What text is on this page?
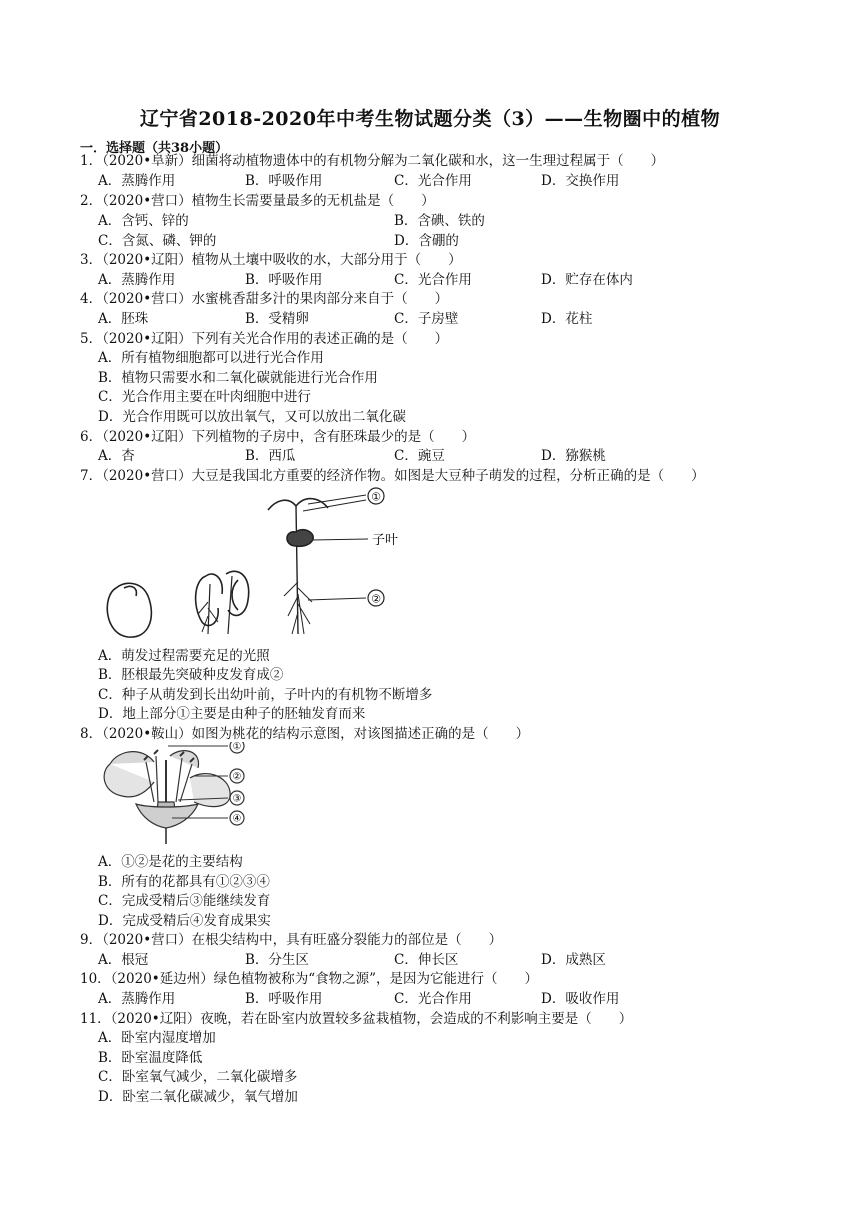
辽宁省2018-2020年中考生物试题分类（3）——生物圈中的植物
一．选择题（共38小题）
1．（2020•阜新）细菌将动植物遗体中的有机物分解为二氧化碳和水，这一生理过程属于（　　）
A．蒸腾作用	B．呼吸作用	C．光合作用	D．交换作用
2．（2020•营口）植物生长需要量最多的无机盐是（　　）
A．含钙、锌的	B．含碘、铁的
C．含氮、磷、钾的	D．含硼的
3．（2020•辽阳）植物从土壤中吸收的水，大部分用于（　　）
A．蒸腾作用	B．呼吸作用	C．光合作用	D．贮存在体内
4．（2020•营口）水蜜桃香甜多汁的果肉部分来自于（　　）
A．胚珠	B．受精卵	C．子房壁	D．花柱
5．（2020•辽阳）下列有关光合作用的表述正确的是（　　）
A．所有植物细胞都可以进行光合作用
B．植物只需要水和二氧化碳就能进行光合作用
C．光合作用主要在叶肉细胞中进行
D．光合作用既可以放出氧气，又可以放出二氧化碳
6．（2020•辽阳）下列植物的子房中，含有胚珠最少的是（　　）
A．杏	B．西瓜	C．豌豆	D．猕猴桃
7．（2020•营口）大豆是我国北方重要的经济作物。如图是大豆种子萌发的过程，分析正确的是（　　）
①
子叶
②
A．萌发过程需要充足的光照
B．胚根最先突破种皮发育成②
C．种子从萌发到长出幼叶前，子叶内的有机物不断增多
D．地上部分①主要是由种子的胚轴发育而来
8．（2020•鞍山）如图为桃花的结构示意图，对该图描述正确的是（　　）
①
②
③
④
A．①②是花的主要结构
B．所有的花都具有①②③④
C．完成受精后③能继续发育
D．完成受精后④发育成果实
9．（2020•营口）在根尖结构中，具有旺盛分裂能力的部位是（　　）
A．根冠	B．分生区	C．伸长区	D．成熟区
10．（2020•延边州）绿色植物被称为“食物之源”，是因为它能进行（　　）
A．蒸腾作用	B．呼吸作用	C．光合作用	D．吸收作用
11．（2020•辽阳）夜晚，若在卧室内放置较多盆栽植物，会造成的不利影响主要是（　　）
A．卧室内湿度增加
B．卧室温度降低
C．卧室氧气减少，二氧化碳增多
D．卧室二氧化碳减少，氧气增加
